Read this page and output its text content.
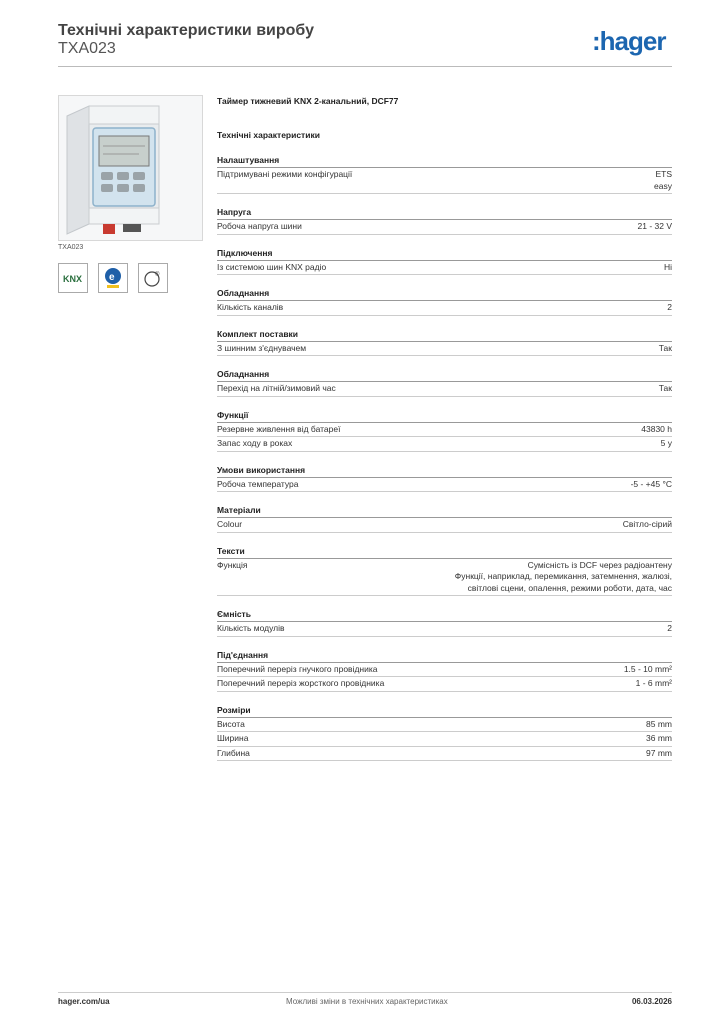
Технічні характеристики виробу
TXA023	:hager
TXA023
KNX	e	®
Таймер тижневий KNX 2-канальний, DCF77
Технічні характеристики
Налаштування
Підтримувані режими конфігурації	ETS
easy
Напруга
Робоча напруга шини	21 - 32 V
Підключення
Із системою шин KNX радіо	Ні
Обладнання
Кількість каналів	2
Комплект поставки
З шинним з'єднувачем	Так
Обладнання
Перехід на літній/зимовий час	Так
Функції
Резервне живлення від батареї	43830 h
Запас ходу в роках	5 y
Умови використання
Робоча температура	-5 - +45 °C
Матеріали
Colour	Світло-сірий
Тексти
Функція	Сумісність із DCF через радіоантену
Функції, наприклад, перемикання, затемнення, жалюзі,
світлові сцени, опалення, режими роботи, дата, час
Ємність
Кількість модулів	2
Під'єднання
Поперечний переріз гнучкого провідника	1.5 - 10 mm²
Поперечний переріз жорсткого провідника	1 - 6 mm²
Розміри
Висота	85 mm
Ширина	36 mm
Глибина	97 mm
hager.com/ua	Можливі зміни в технічних характеристиках	06.03.2026
